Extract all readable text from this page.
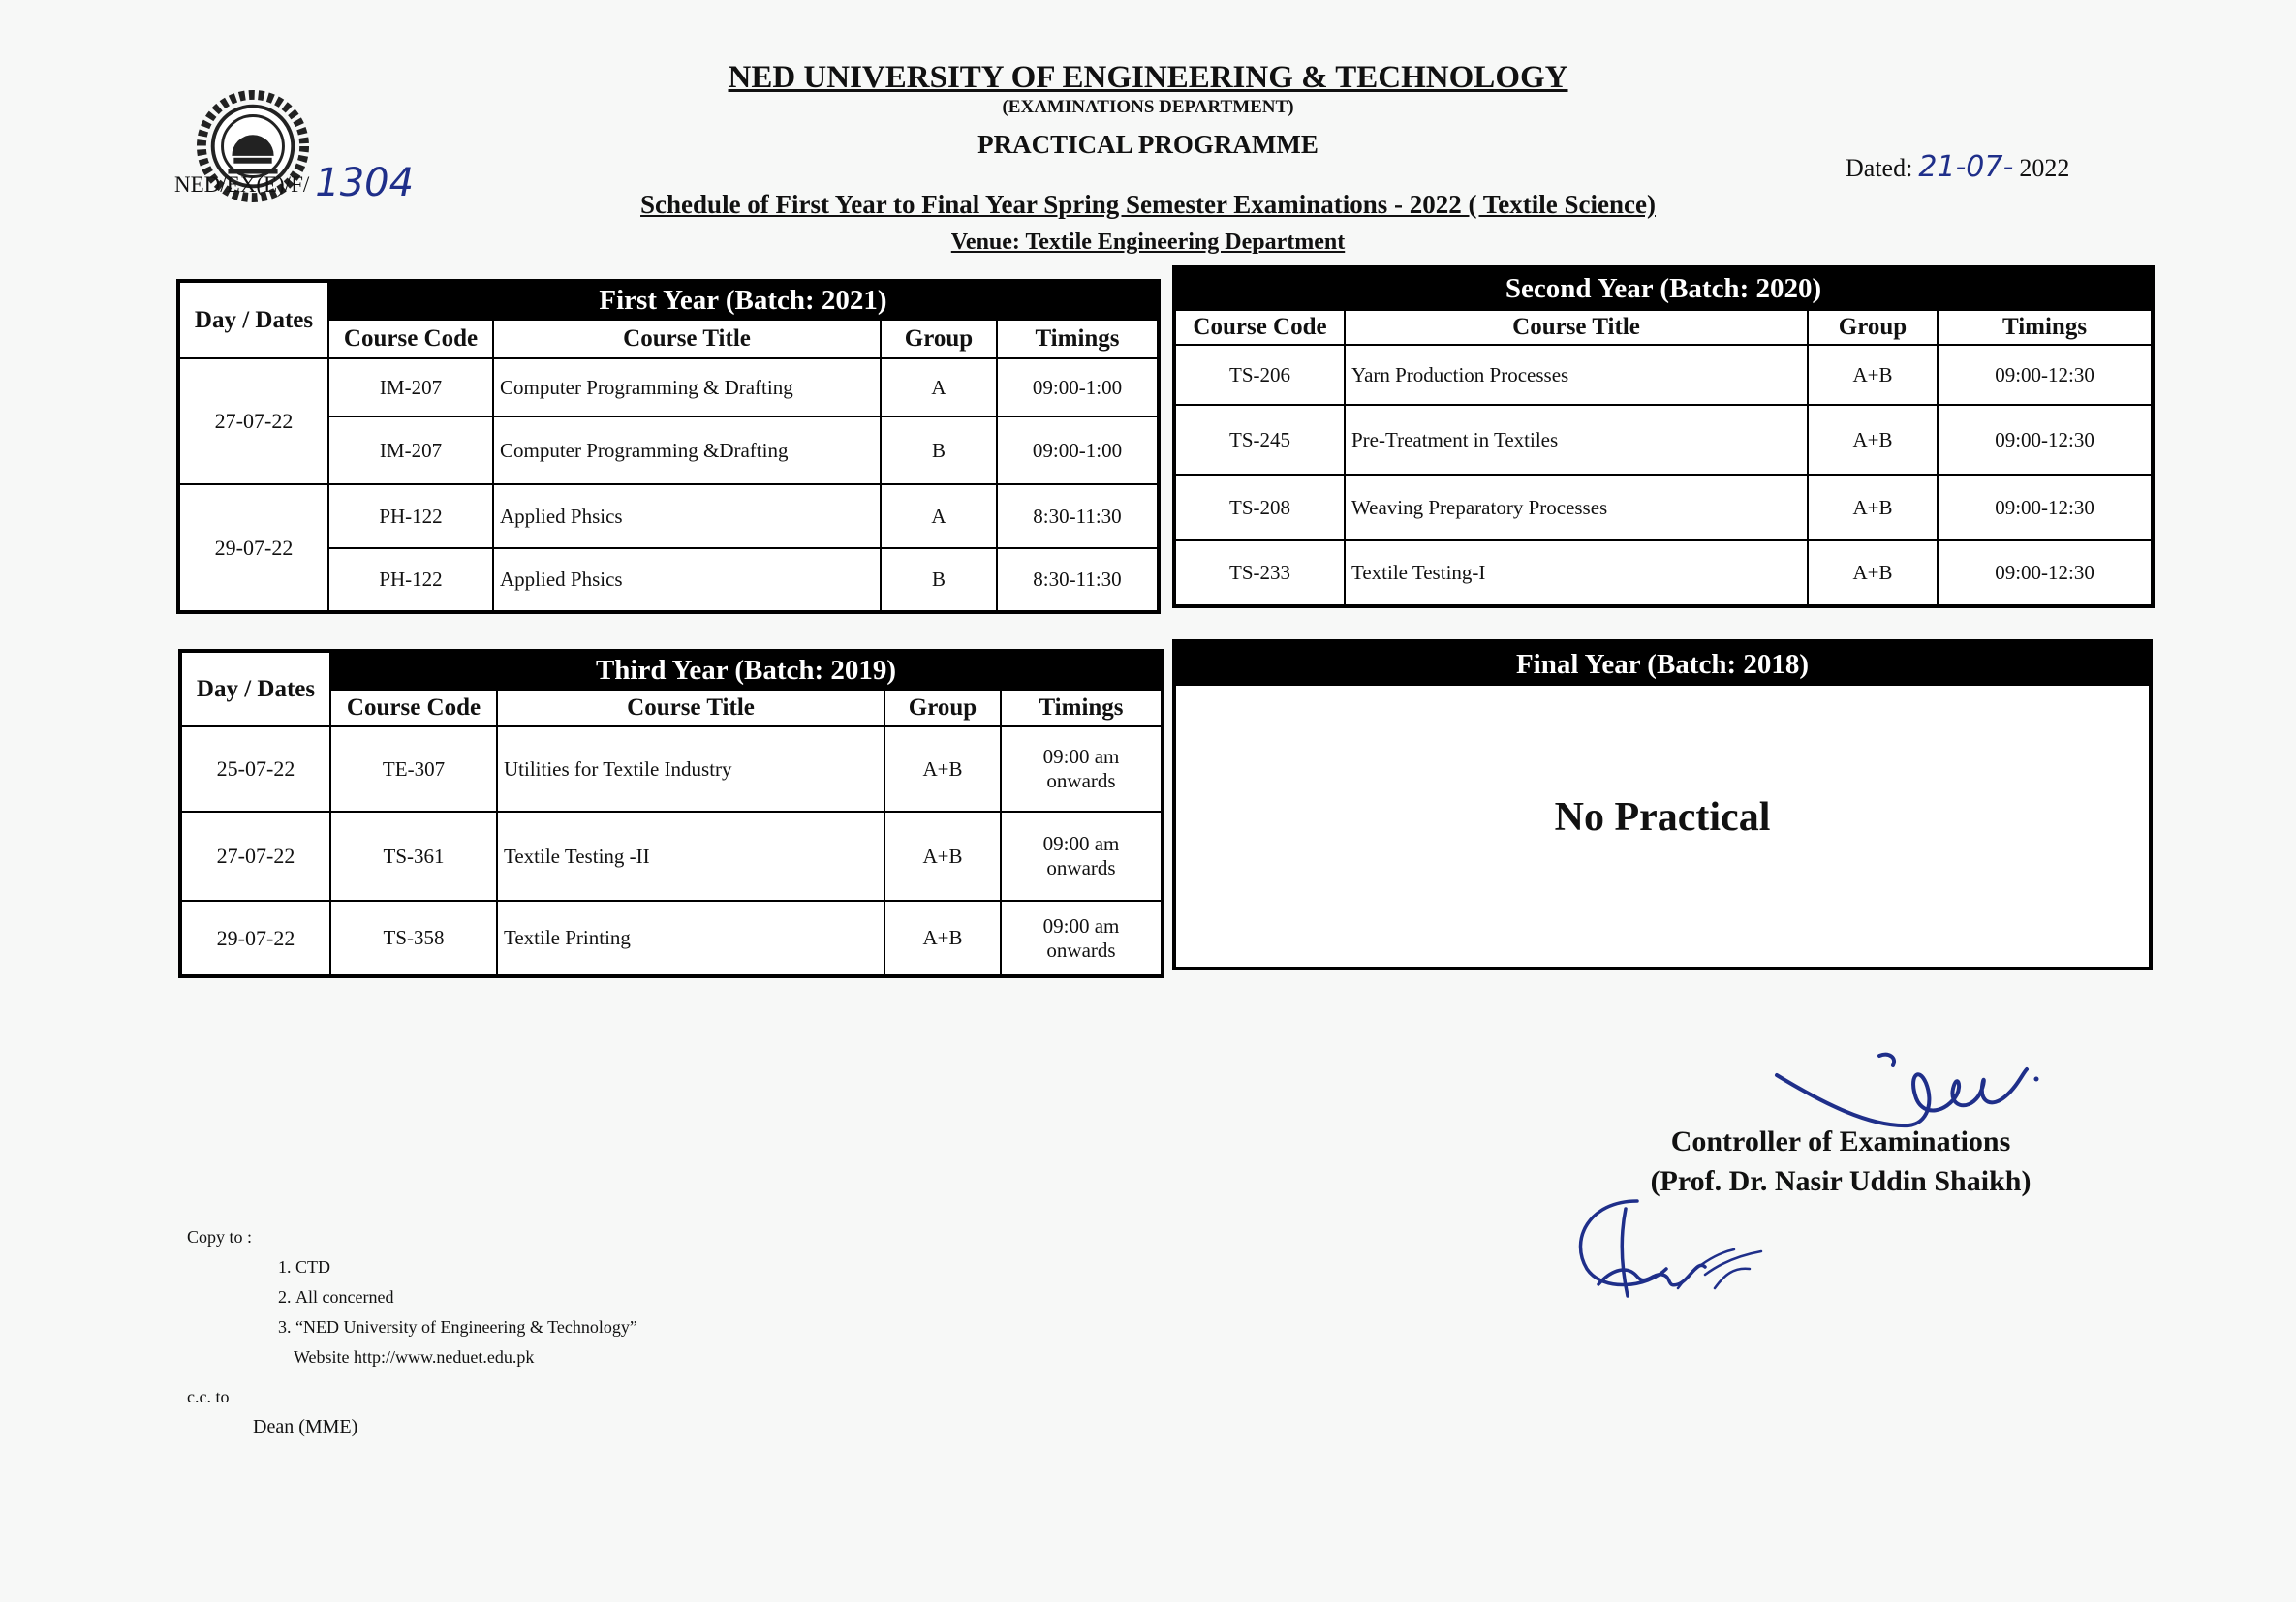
NED UNIVERSITY OF ENGINEERING & TECHNOLOGY
(EXAMINATIONS DEPARTMENT)
PRACTICAL PROGRAMME
NED/EX(E)/F/ 1304	Dated: 21-07- 2022
Schedule of First Year to Final Year Spring Semester Examinations - 2022 ( Textile Science)
Venue: Textile Engineering Department
Day / Dates	First Year (Batch: 2021)			
	Course Code	Course Title	Group	Timings
27-07-22	IM-207	Computer Programming & Drafting	A	09:00-1:00
	IM-207	Computer Programming &Drafting	B	09:00-1:00
29-07-22	PH-122	Applied Phsics	A	8:30-11:30
	PH-122	Applied Phsics	B	8:30-11:30
Second Year (Batch: 2020)			
Course Code	Course Title	Group	Timings
TS-206	Yarn Production Processes	A+B	09:00-12:30
TS-245	Pre-Treatment in Textiles	A+B	09:00-12:30
TS-208	Weaving Preparatory Processes	A+B	09:00-12:30
TS-233	Textile Testing-I	A+B	09:00-12:30
Day / Dates	Third Year (Batch: 2019)			
	Course Code	Course Title	Group	Timings
25-07-22	TE-307	Utilities for Textile Industry	A+B	09:00 am
onwards

27-07-22	TS-361	Textile Testing -II	A+B	09:00 am
onwards

29-07-22	TS-358	Textile Printing	A+B	09:00 am
onwards
Final Year (Batch: 2018)
No Practical
Controller of Examinations
(Prof. Dr. Nasir Uddin Shaikh)
Copy to :
1. CTD
2. All concerned
3. “NED University of Engineering & Technology”
Website http://www.neduet.edu.pk
c.c. to
Dean (MME)
